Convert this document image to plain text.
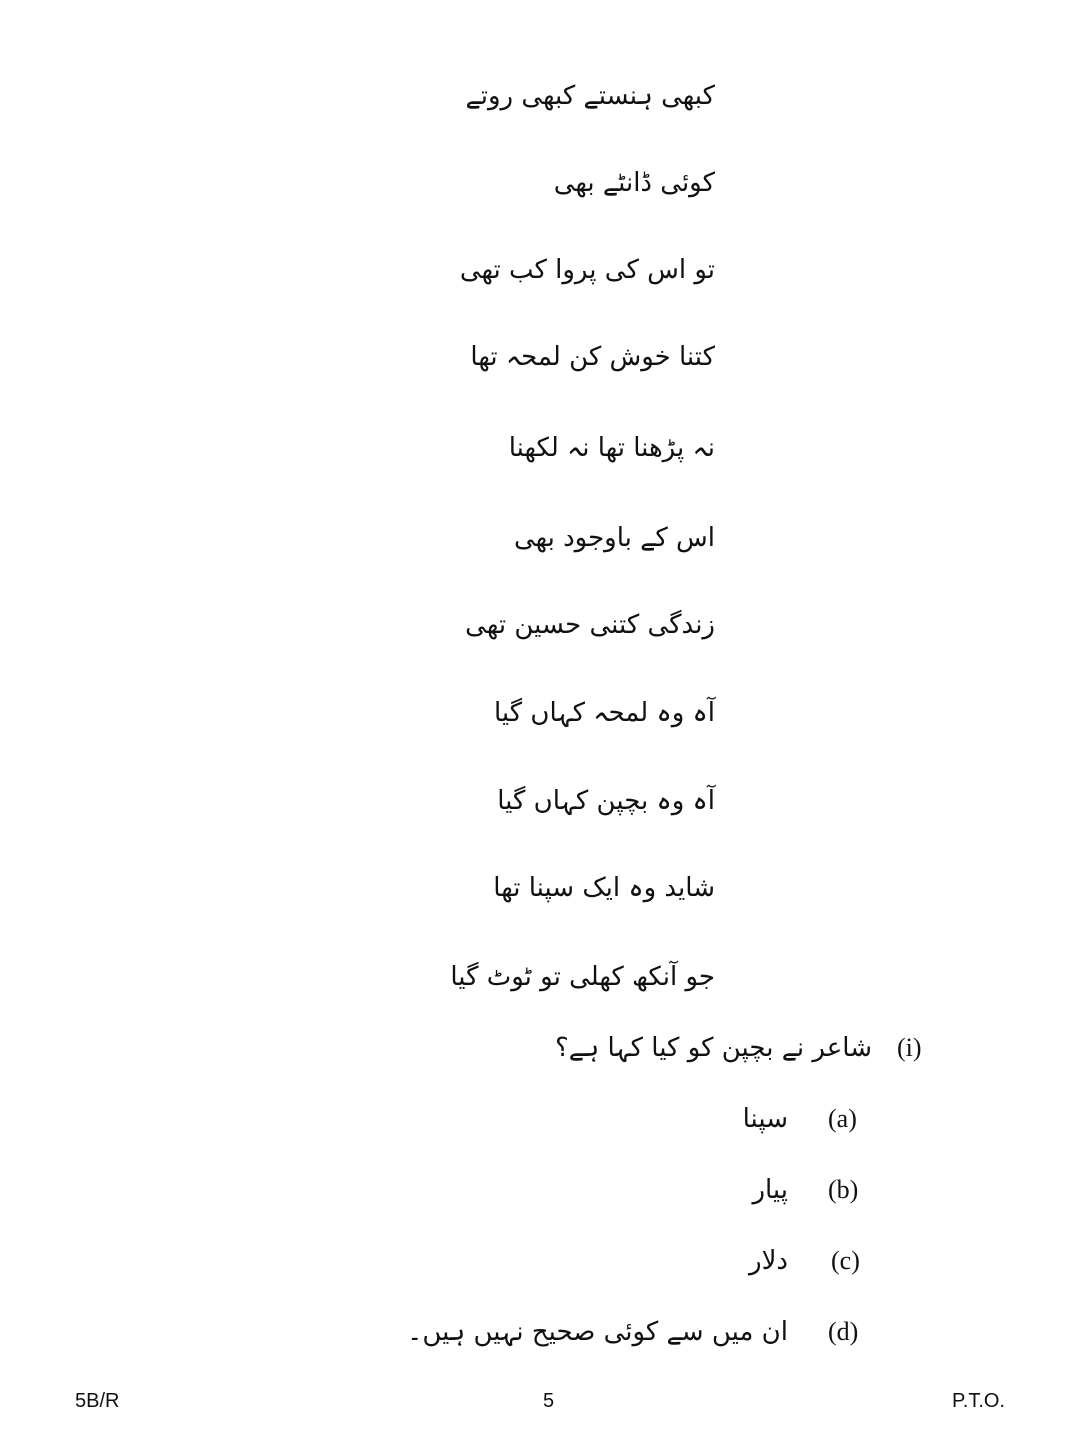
کبھی ہنستے کبھی روتے
کوئی ڈانٹے بھی
تو اس کی پروا کب تھی
کتنا خوش کن لمحہ تھا
نہ پڑھنا تھا نہ لکھنا
اس کے باوجود بھی
زندگی کتنی حسین تھی
آہ وہ لمحہ کہاں گیا
آہ وہ بچپن کہاں گیا
شاید وہ ایک سپنا تھا
جو آنکھ کھلی تو ٹوٹ گیا
(i)
شاعر نے بچپن کو کیا کہا ہے؟
(a)
سپنا
(b)
پیار
(c)
دلار
(d)
ان میں سے کوئی صحیح نہیں ہیں۔
5B/R	5	P.T.O.
